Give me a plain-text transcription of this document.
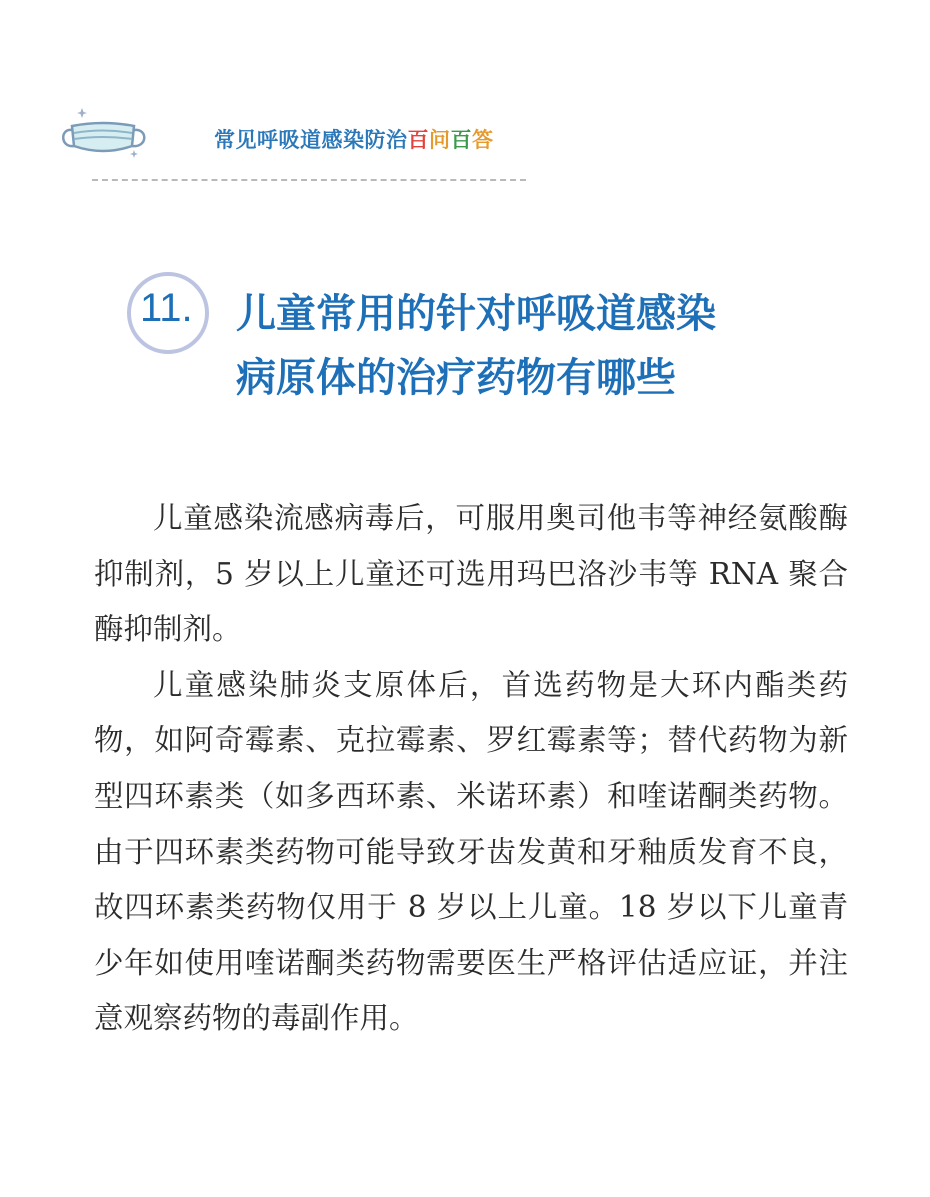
常见呼吸道感染防治百问百答
11. 儿童常用的针对呼吸道感染
病原体的治疗药物有哪些

儿童感染流感病毒后，可服用奥司他韦等神经氨酸酶抑制剂，5 岁以上儿童还可选用玛巴洛沙韦等 RNA 聚合酶抑制剂。

儿童感染肺炎支原体后，首选药物是大环内酯类药物，如阿奇霉素、克拉霉素、罗红霉素等；替代药物为新型四环素类（如多西环素、米诺环素）和喹诺酮类药物。由于四环素类药物可能导致牙齿发黄和牙釉质发育不良，故四环素类药物仅用于 8 岁以上儿童。18 岁以下儿童青少年如使用喹诺酮类药物需要医生严格评估适应证，并注意观察药物的毒副作用。
